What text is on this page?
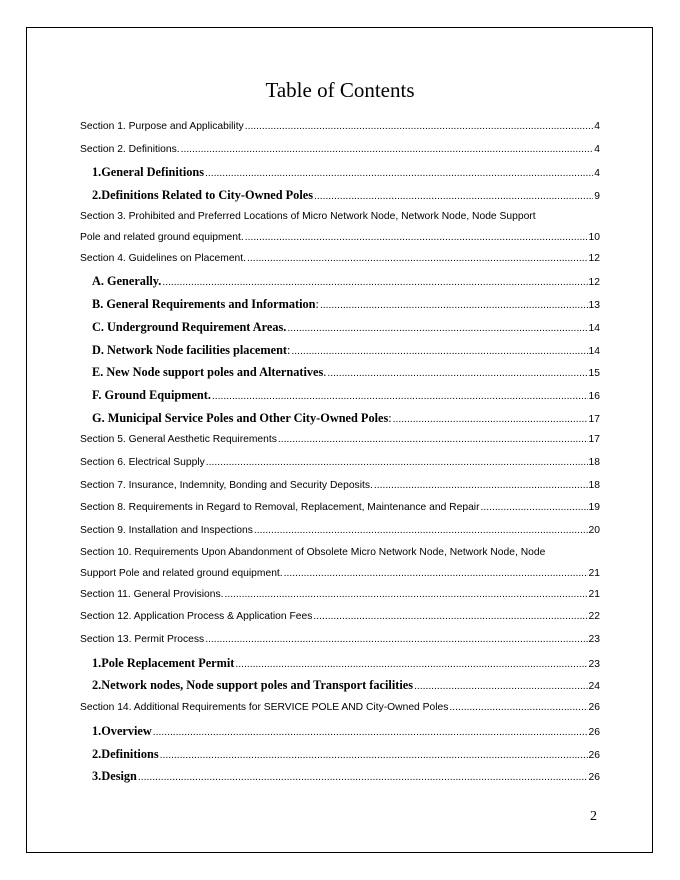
Table of Contents
Section 1. Purpose and Applicability .....	4
Section 2. Definitions. .....	4
1. General Definitions .....	4
2. Definitions Related to City-Owned Poles .....	9
Section 3. Prohibited and Preferred Locations of Micro Network Node, Network Node, Node Support
Pole and related ground equipment. .....	10
Section 4. Guidelines on Placement. .....	12
A. Generally. .....	12
B. General Requirements and Information: .....	13
C. Underground Requirement Areas. .....	14
D. Network Node facilities placement: .....	14
E. New Node support poles and Alternatives. .....	15
F. Ground Equipment. .....	16
G. Municipal Service Poles and Other City-Owned Poles: .....	17
Section 5. General Aesthetic Requirements .....	17
Section 6. Electrical Supply .....	18
Section 7. Insurance, Indemnity, Bonding and Security Deposits. .....	18
Section 8. Requirements in Regard to Removal, Replacement, Maintenance and Repair .....	19
Section 9. Installation and Inspections .....	20
Section 10. Requirements Upon Abandonment of Obsolete Micro Network Node, Network Node, Node
Support Pole and related ground equipment. .....	21
Section 11. General Provisions. .....	21
Section 12. Application Process & Application Fees .....	22
Section 13. Permit Process .....	23
1. Pole Replacement Permit .....	23
2. Network nodes, Node support poles and Transport facilities .....	24
Section 14. Additional Requirements for SERVICE POLE AND City-Owned Poles .....	26
1. Overview .....	26
2. Definitions .....	26
3. Design .....	26
2
